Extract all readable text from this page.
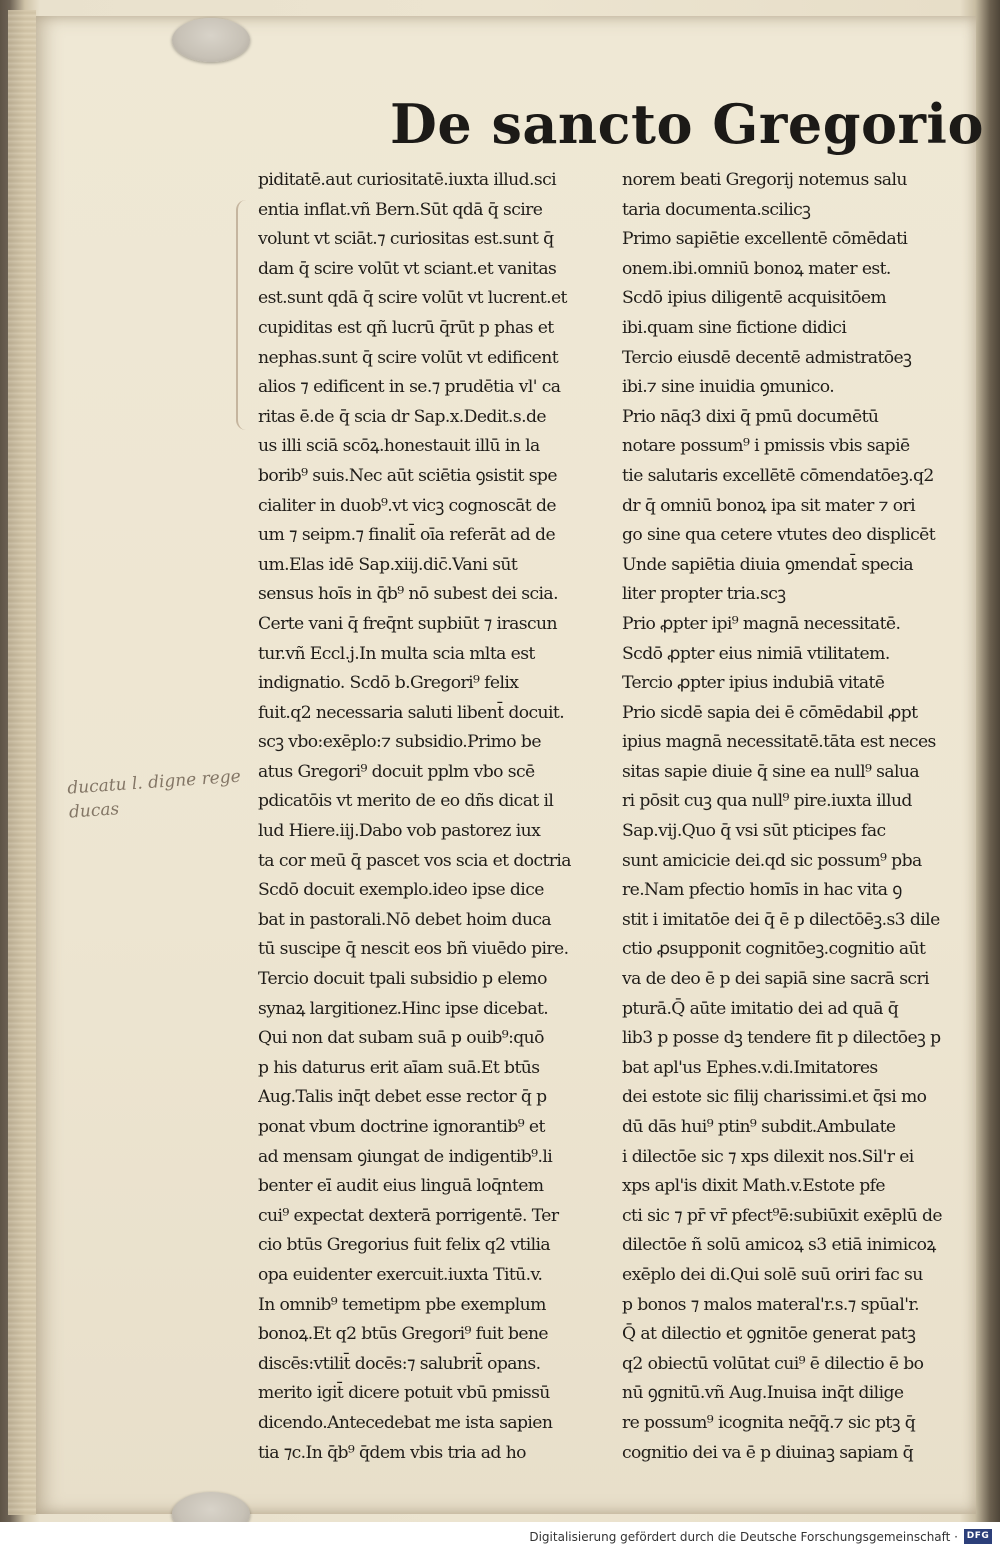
De sancto Gregorio
ducatu l. digne rege ducas
piditatē.aut curiositatē.iuxta illud.sci
entia inflat.vñ Bern.Sūt qdā q̄ scire
volunt vt sciāt.⁊ curiositas est.sunt q̄
dam q̄ scire volūt vt sciant.et vanitas
est.sunt qdā q̄ scire volūt vt lucrent.et
cupiditas est qñ lucrū q̄rūt p phas et
nephas.sunt q̄ scire volūt vt edificent
alios ⁊ edificent in se.⁊ prudētia vl' ca
ritas ē.de q̄ scia dr Sap.x.Dedit.s.de
us illi sciā scōꝝ.honestauit illū in la
borib⁹ suis.Nec aūt sciētia ꝯsistit spe
cialiter in duob⁹.vt vicꝫ cognoscāt de
um ⁊ seipm.⁊ finalit̄ oīa referāt ad de
um.Elas idē Sap.xiij.dic̄.Vani sūt
sensus hoīs in q̄b⁹ nō subest dei scia.
Certe vani q̄ freq̄nt supbiūt ⁊ irascun
tur.vñ Eccl.j.In multa scia mlta est
indignatio. Scdō b.Gregori⁹ felix
fuit.q2 necessaria saluti libent̄ docuit.
scꝫ vbo:exēplo:⁊ subsidio.Primo be
atus Gregori⁹ docuit pplm vbo scē
pdicatōis vt merito de eo dñs dicat il
lud Hiere.iij.Dabo vob pastorez iux
ta cor meū q̄ pascet vos scia et doctria
Scdō docuit exemplo.ideo ipse dice
bat in pastorali.Nō debet hoim duca
tū suscipe q̄ nescit eos bñ viuēdo pire.
Tercio docuit tpali subsidio p elemo
synaꝝ largitionez.Hinc ipse dicebat.
Qui non dat subam suā p ouib⁹:quō
p his daturus erit aīam suā.Et btūs
Aug.Talis inq̄t debet esse rector q̄ p
ponat vbum doctrine ignorantib⁹ et
ad mensam ꝯiungat de indigentib⁹.li
benter eī audit eius linguā loq̄ntem
cui⁹ expectat dexterā porrigentē. Ter
cio btūs Gregorius fuit felix q2 vtilia
opa euidenter exercuit.iuxta Titū.v.
In omnib⁹ temetipm pbe exemplum
bonoꝝ.Et q2 btūs Gregori⁹ fuit bene
discēs:vtilit̄ docēs:⁊ salubrit̄ opans.
merito igit̄ dicere potuit vbū pmissū
dicendo.Antecedebat me ista sapien
tia ⁊c.In q̄b⁹ q̄dem vbis tria ad ho
norem beati Gregorij notemus salu
taria documenta.scilicꝫ
Primo sapiētie excellentē cōmēdati
onem.ibi.omniū bonoꝝ mater est.
Scdō ipius diligentē acquisitōem
ibi.quam sine fictione didici
Tercio eiusdē decentē admistratōeꝫ
ibi.⁊ sine inuidia ꝯmunico.
Prio nāq3 dixi q̄ pmū documētū
notare possum⁹ i pmissis vbis sapiē
tie salutaris excellētē cōmendatōeꝫ.q2
dr q̄ omniū bonoꝝ ipa sit mater ⁊ ori
go sine qua cetere vtutes deo displicēt
Unde sapiētia diuia ꝯmendat̄ specia
liter propter tria.scꝫ
Prio ꝓpter ipi⁹ magnā necessitatē.
Scdō ꝓpter eius nimiā vtilitatem.
Tercio ꝓpter ipius indubiā vitatē
Prio sicdē sapia dei ē cōmēdabil ꝓpt
ipius magnā necessitatē.tāta est neces
sitas sapie diuie q̄ sine ea null⁹ salua
ri pōsit cuꝫ qua null⁹ pire.iuxta illud
Sap.vij.Quo q̄ vsi sūt pticipes fac
sunt amicicie dei.qd sic possum⁹ pba
re.Nam pfectio homīs in hac vita ꝯ
stit i imitatōe dei q̄ ē p dilectōēꝫ.s3 dile
ctio ꝓsupponit cognitōeꝫ.cognitio aūt
va de deo ē p dei sapiā sine sacrā scri
pturā.Q̄ aūte imitatio dei ad quā q̄
lib3 p posse dꝫ tendere fit p dilectōeꝫ p
bat apl'us Ephes.v.di.Imitatores
dei estote sic filij charissimi.et q̄si mo
dū dās hui⁹ ptin⁹ subdit.Ambulate
i dilectōe sic ⁊ xps dilexit nos.Sil'r ei
xps apl'is dixit Math.v.Estote pfe
cti sic ⁊ pr̄ vr̄ pfect⁹ē:subiūxit exēplū de
dilectōe ñ solū amicoꝝ s3 etiā inimicoꝝ
exēplo dei di.Qui solē suū oriri fac su
p bonos ⁊ malos materal'r.s.⁊ spūal'r.
Q̄ at dilectio et ꝯgnitōe generat patꝫ
q2 obiectū volūtat cui⁹ ē dilectio ē bo
nū ꝯgnitū.vñ Aug.Inuisa inq̄t dilige
re possum⁹ icognita neq̄q̄.⁊ sic ptꝫ q̄
cognitio dei va ē p diuinaꝫ sapiam q̄
Digitalisierung gefördert durch die Deutsche Forschungsgemeinschaft · DFG
